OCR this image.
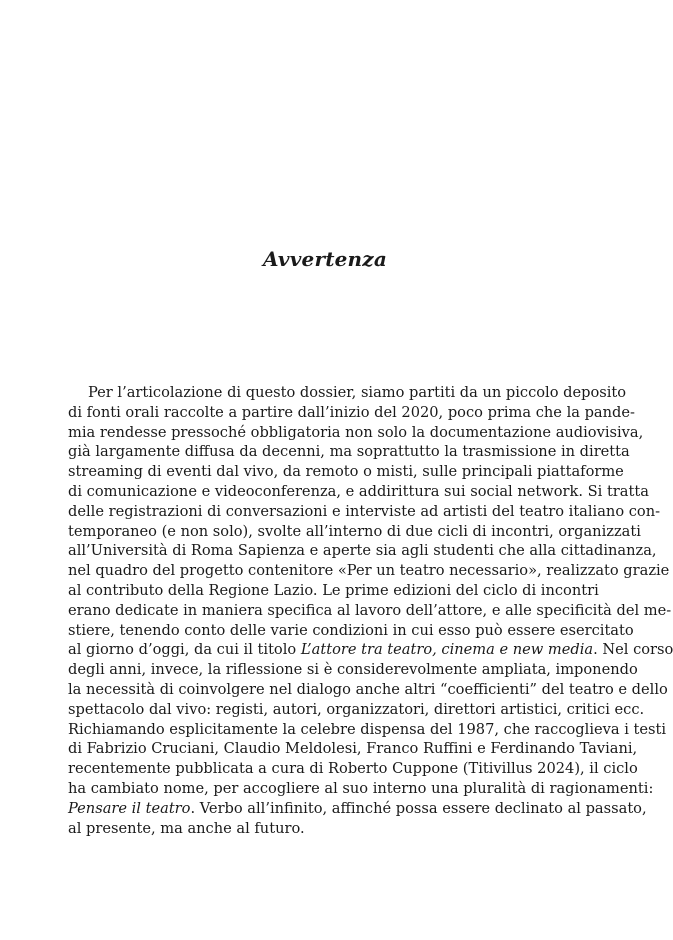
Avvertenza

Per l’articolazione di questo dossier, siamo partiti da un piccolo deposito
di fonti orali raccolte a partire dall’inizio del 2020, poco prima che la pande-
mia rendesse pressoché obbligatoria non solo la documentazione audiovisiva,
già largamente diffusa da decenni, ma soprattutto la trasmissione in diretta
streaming di eventi dal vivo, da remoto o misti, sulle principali piattaforme
di comunicazione e videoconferenza, e addirittura sui social network. Si tratta
delle registrazioni di conversazioni e interviste ad artisti del teatro italiano con-
temporaneo (e non solo), svolte all’interno di due cicli di incontri, organizzati
all’Università di Roma Sapienza e aperte sia agli studenti che alla cittadinanza,
nel quadro del progetto contenitore «Per un teatro necessario», realizzato grazie
al contributo della Regione Lazio. Le prime edizioni del ciclo di incontri
erano dedicate in maniera specifica al lavoro dell’attore, e alle specificità del me-
stiere, tenendo conto delle varie condizioni in cui esso può essere esercitato
al giorno d’oggi, da cui il titolo L’attore tra teatro, cinema e new media. Nel corso
degli anni, invece, la riflessione si è considerevolmente ampliata, imponendo
la necessità di coinvolgere nel dialogo anche altri “coefficienti” del teatro e dello
spettacolo dal vivo: registi, autori, organizzatori, direttori artistici, critici ecc.
Richiamando esplicitamente la celebre dispensa del 1987, che raccoglieva i testi
di Fabrizio Cruciani, Claudio Meldolesi, Franco Ruffini e Ferdinando Taviani,
recentemente pubblicata a cura di Roberto Cuppone (Titivillus 2024), il ciclo
ha cambiato nome, per accogliere al suo interno una pluralità di ragionamenti:
Pensare il teatro. Verbo all’infinito, affinché possa essere declinato al passato,
al presente, ma anche al futuro.
